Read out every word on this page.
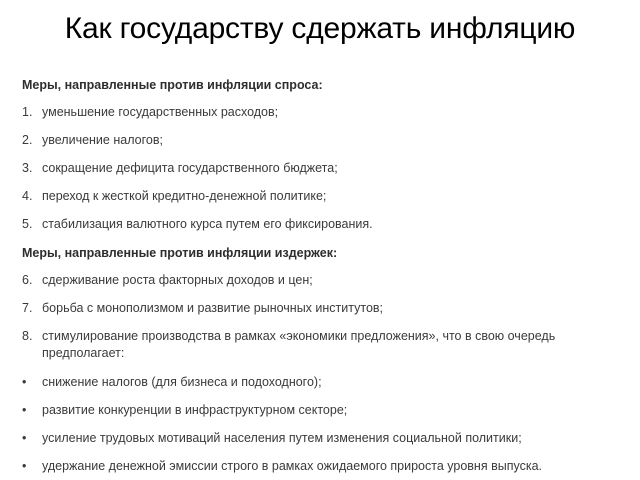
Как государству сдержать инфляцию
Меры, направленные против инфляции спроса:
1. уменьшение государственных расходов;
2. увеличение налогов;
3. сокращение дефицита государственного бюджета;
4. переход к жесткой кредитно-денежной политике;
5. стабилизация валютного курса путем его фиксирования.
Меры, направленные против инфляции издержек:
6. сдерживание роста факторных доходов и цен;
7. борьба с монополизмом и развитие рыночных институтов;
8. стимулирование производства в рамках «экономики предложения», что в свою очередь предполагает:
• снижение налогов (для бизнеса и подоходного);
• развитие конкуренции в инфраструктурном секторе;
• усиление трудовых мотиваций населения путем изменения социальной политики;
• удержание денежной эмиссии строго в рамках ожидаемого прироста уровня выпуска.
